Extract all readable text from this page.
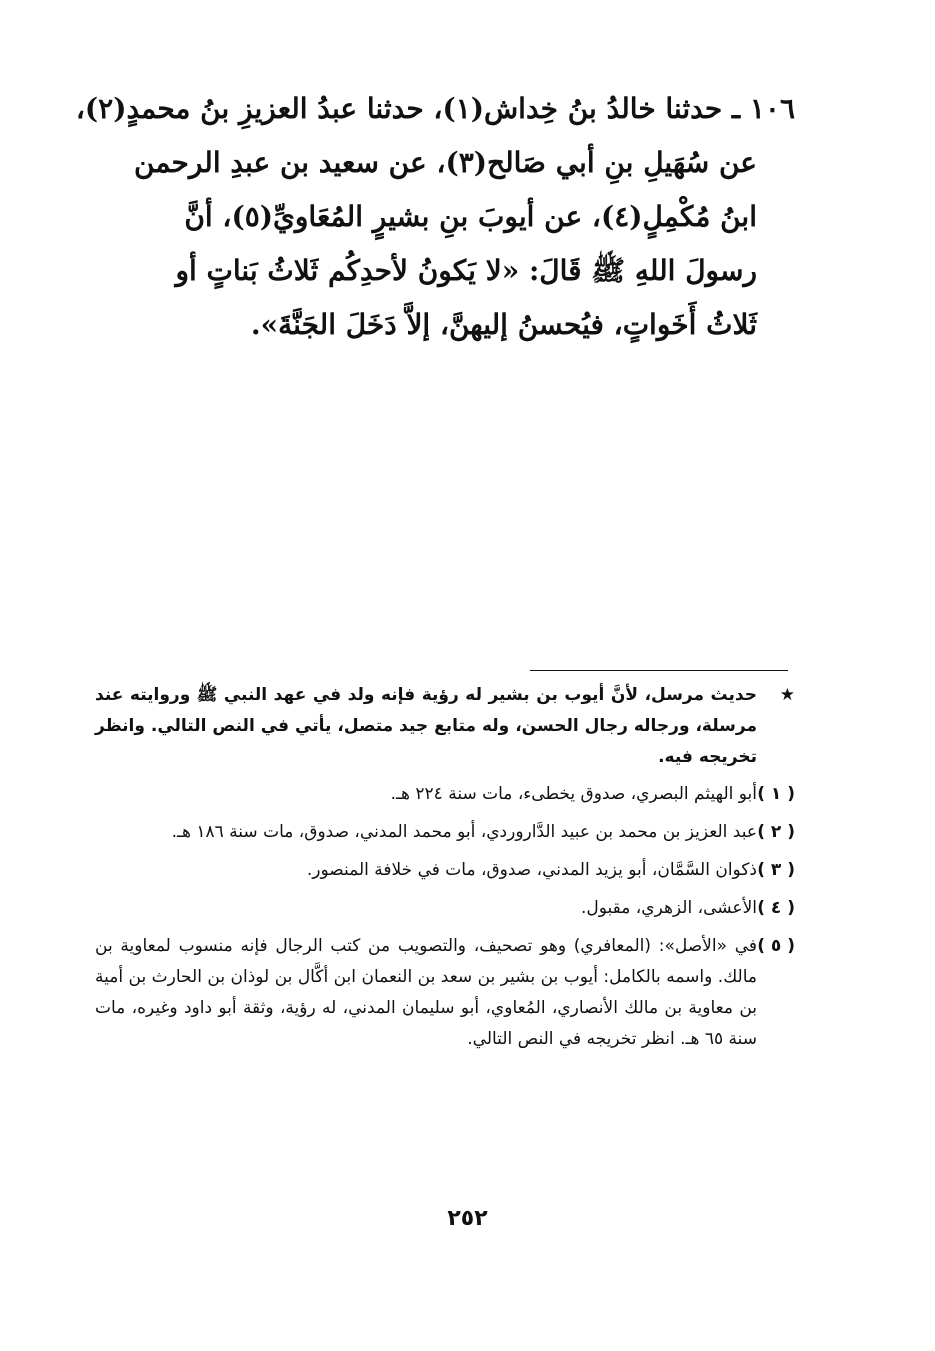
١٠٦ ـ حدثنا خالدُ بنُ خِداش(١)، حدثنا عبدُ العزيزِ بنُ محمدٍ(٢)،
عن سُهَيلِ بنِ أبي صَالح(٣)، عن سعيد بن عبدِ الرحمن
ابنُ مُكْمِلٍ(٤)، عن أيوبَ بنِ بشيرٍ المُعَاويِّ(٥)، أنَّ
رسولَ اللهِ ﷺ قَالَ: «لا يَكونُ لأحدِكُم ثَلاثُ بَناتٍ أو
ثَلاثُ أَخَواتٍ، فيُحسنُ إليهنَّ، إلاَّ دَخَلَ الجَنَّةَ».
★
حديث مرسل، لأنَّ أيوب بن بشير له رؤية فإنه ولد في عهد النبي ﷺ وروايته عند مرسلة، ورجاله رجال الحسن، وله متابع جيد متصل، يأتي في النص التالي. وانظر تخريجه فيه.
( ١ )
أبو الهيثم البصري، صدوق يخطىء، مات سنة ٢٢٤ هـ.
( ٢ )
عبد العزيز بن محمد بن عبيد الدَّاروردي، أبو محمد المدني، صدوق، مات سنة ١٨٦ هـ.
( ٣ )
ذكوان السَّمَّان، أبو يزيد المدني، صدوق، مات في خلافة المنصور.
( ٤ )
الأعشى، الزهري، مقبول.
( ٥ )
في «الأصل»: (المعافري) وهو تصحيف، والتصويب من كتب الرجال فإنه منسوب لمعاوية بن مالك. واسمه بالكامل: أيوب بن بشير بن سعد بن النعمان ابن أكَّال بن لوذان بن الحارث بن أمية بن معاوية بن مالك الأنصاري، المُعاوي، أبو سليمان المدني، له رؤية، وثقة أبو داود وغيره، مات سنة ٦٥ هـ. انظر تخريجه في النص التالي.
٢٥٢
